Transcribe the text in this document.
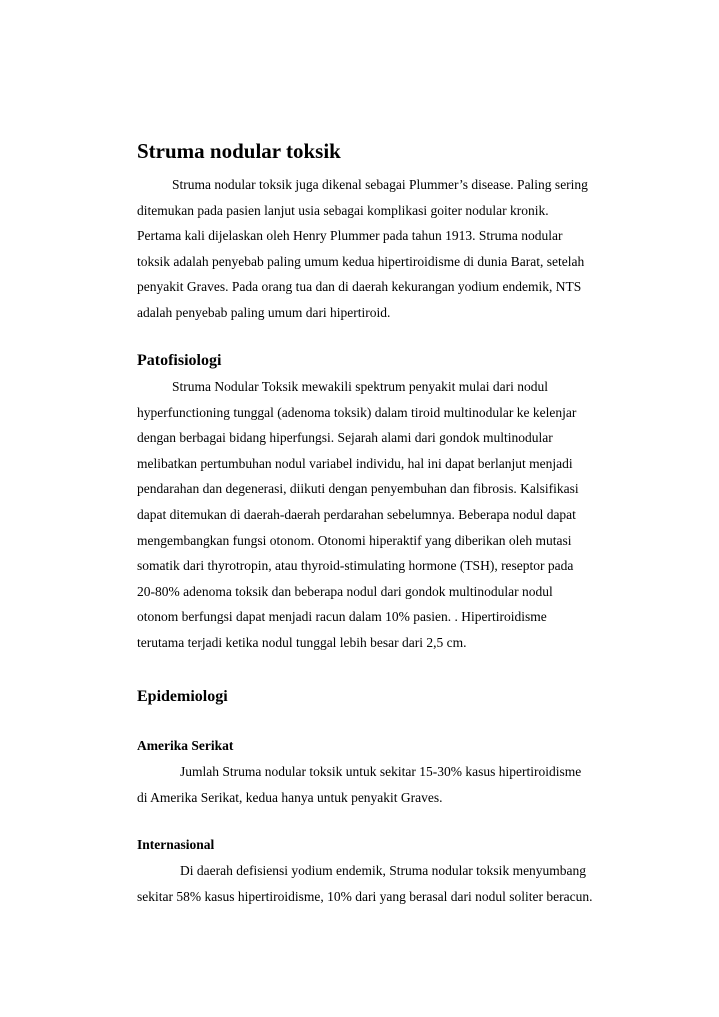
Struma nodular toksik
Struma nodular toksik juga dikenal sebagai Plummer’s disease. Paling sering
ditemukan pada pasien lanjut usia sebagai komplikasi goiter nodular kronik.
Pertama kali dijelaskan oleh Henry Plummer pada tahun 1913. Struma nodular
toksik adalah penyebab paling umum kedua hipertiroidisme di dunia Barat, setelah
penyakit Graves. Pada orang tua dan di daerah kekurangan yodium endemik, NTS
adalah penyebab paling umum dari hipertiroid.
Patofisiologi
Struma Nodular Toksik mewakili spektrum penyakit mulai dari nodul
hyperfunctioning tunggal (adenoma toksik) dalam tiroid multinodular ke kelenjar
dengan berbagai bidang hiperfungsi. Sejarah alami dari gondok multinodular
melibatkan pertumbuhan nodul variabel individu, hal ini dapat berlanjut menjadi
pendarahan dan degenerasi, diikuti dengan penyembuhan dan fibrosis. Kalsifikasi
dapat ditemukan di daerah-daerah perdarahan sebelumnya. Beberapa nodul dapat
mengembangkan fungsi otonom. Otonomi hiperaktif yang diberikan oleh mutasi
somatik dari thyrotropin, atau thyroid-stimulating hormone (TSH), reseptor pada
20-80% adenoma toksik dan beberapa nodul dari gondok multinodular nodul
otonom berfungsi dapat menjadi racun dalam 10% pasien. . Hipertiroidisme
terutama terjadi ketika nodul tunggal lebih besar dari 2,5 cm.
Epidemiologi
Amerika Serikat
Jumlah Struma nodular toksik untuk sekitar 15-30% kasus hipertiroidisme
di Amerika Serikat, kedua hanya untuk penyakit Graves.
Internasional
Di daerah defisiensi yodium endemik, Struma nodular toksik menyumbang
sekitar 58% kasus hipertiroidisme, 10% dari yang berasal dari nodul soliter beracun.
